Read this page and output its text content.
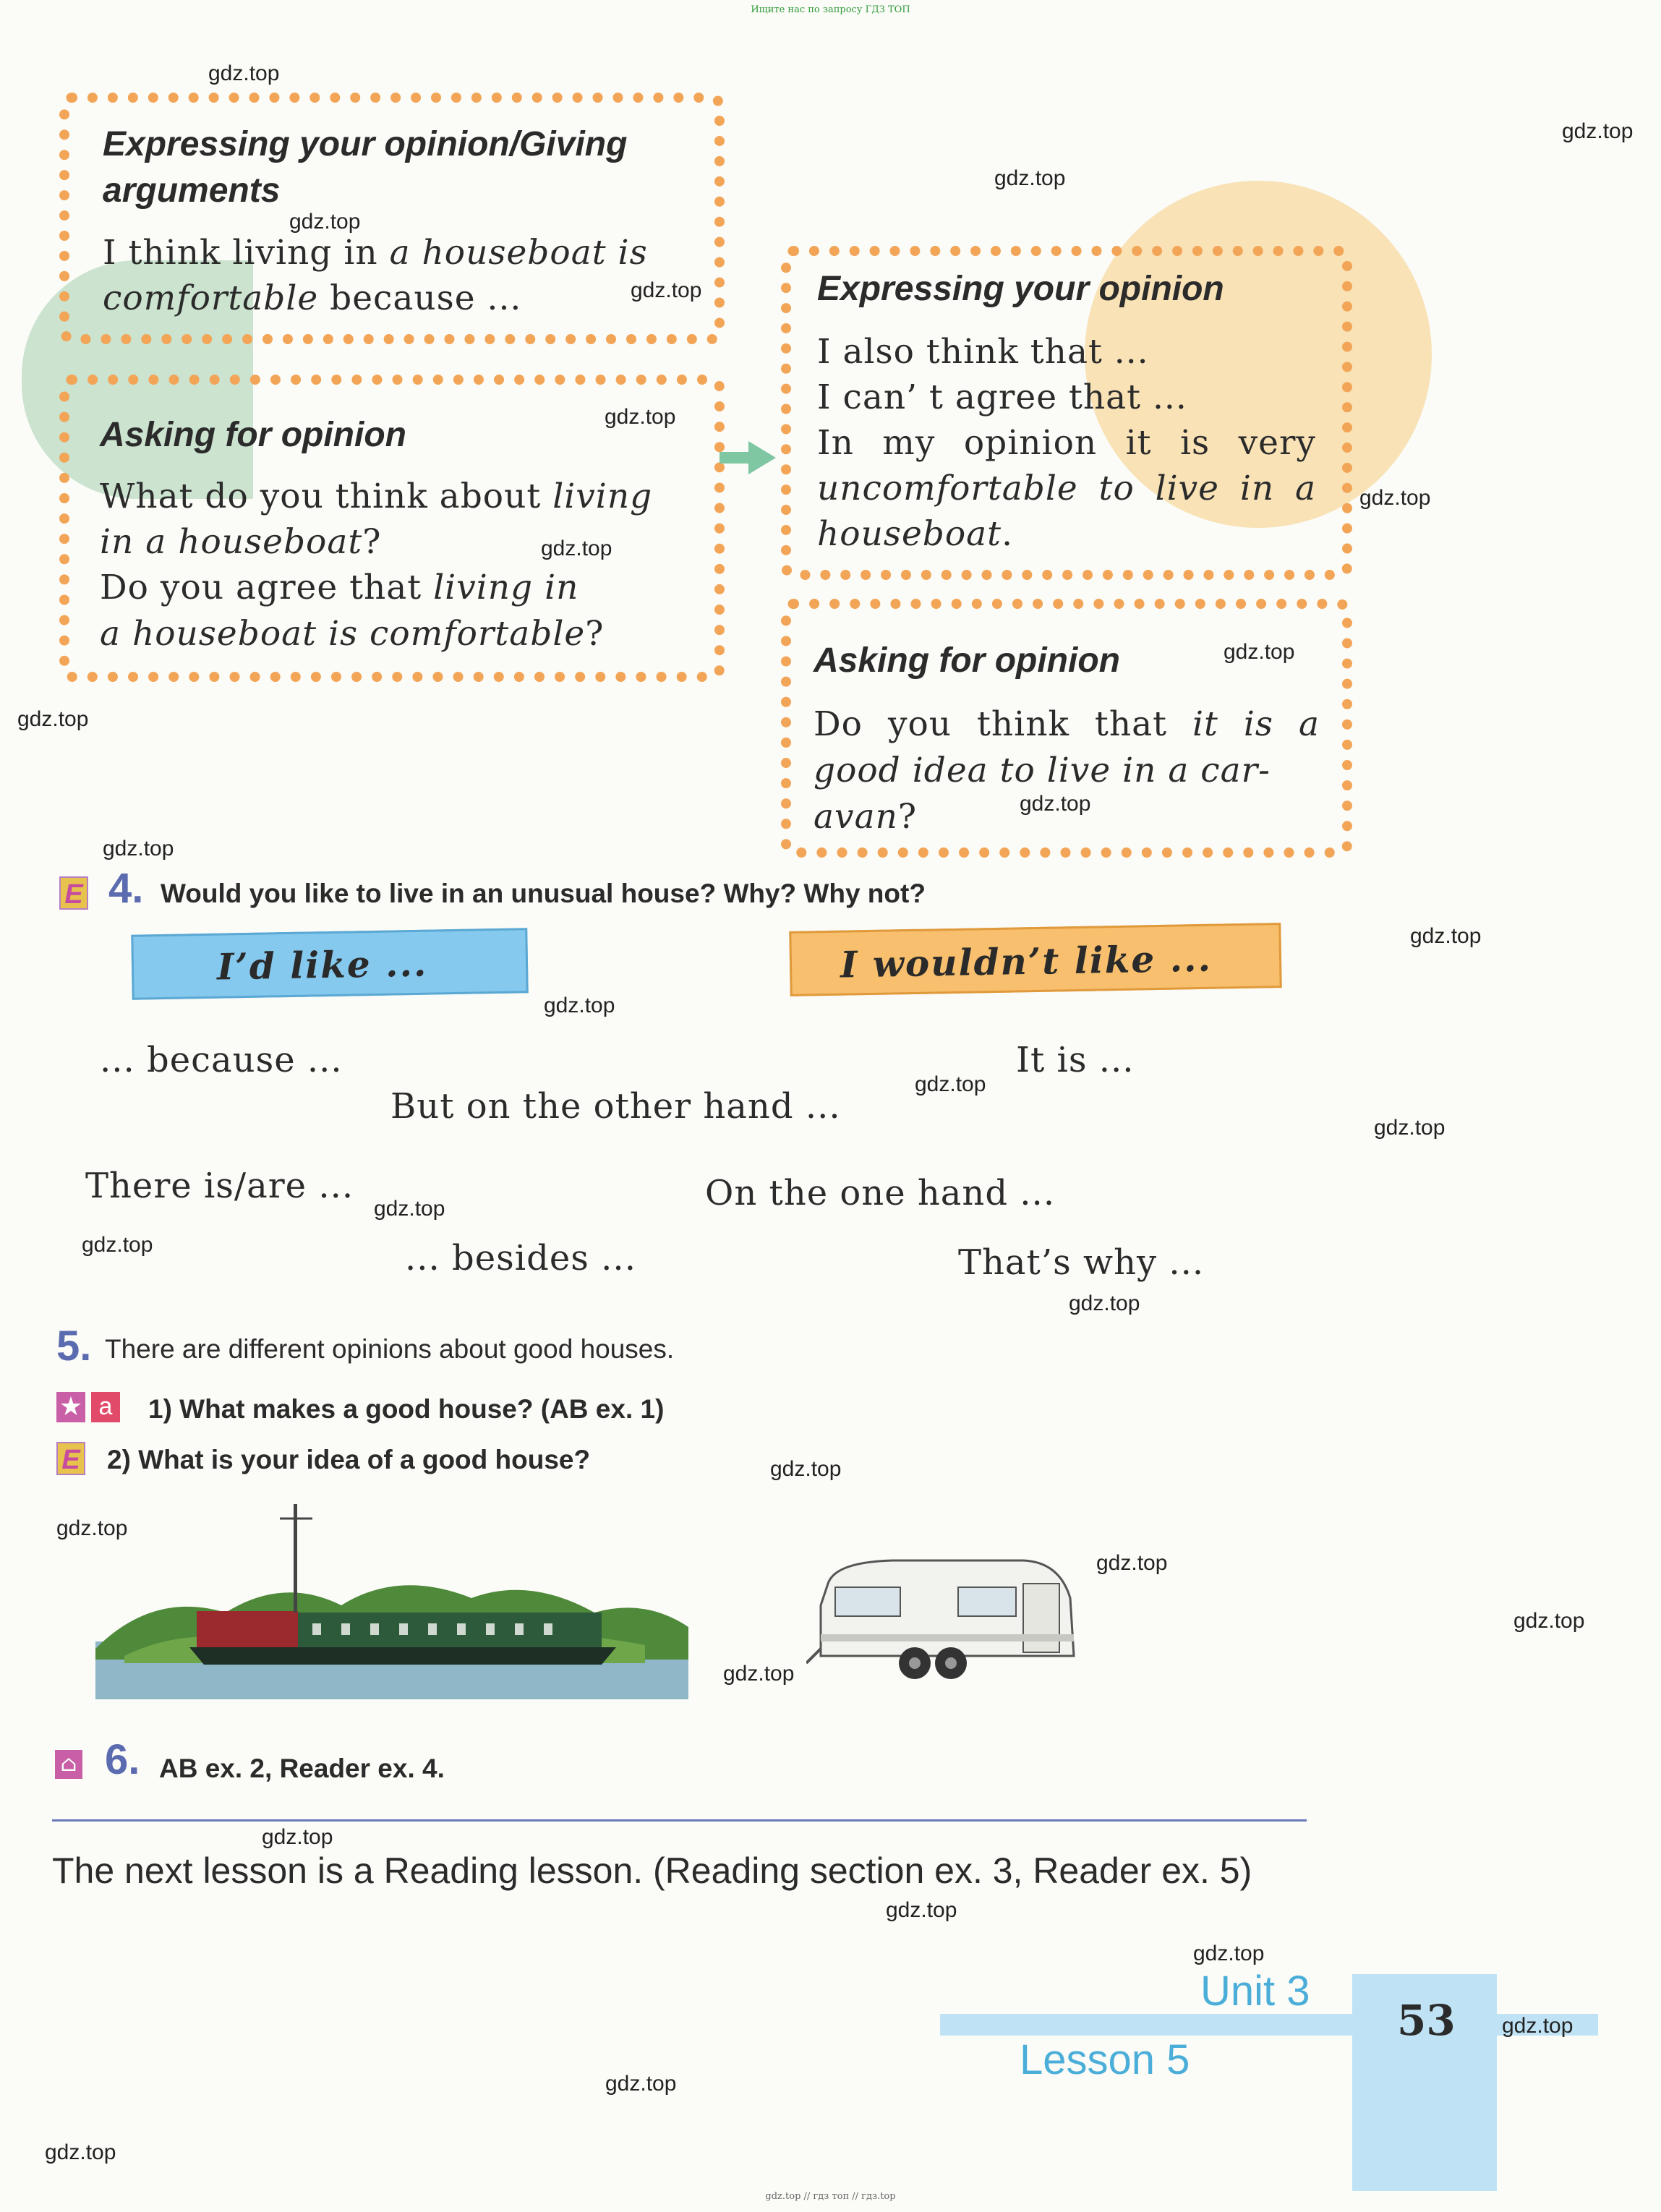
Ищите нас по запросу ГДЗ ТОП
gdz.top // гдз топ // гдз.top

Expressing your opinion/Giving arguments
I think living in a houseboat is
comfortable because ...
Asking for opinion
What do you think about living
in a houseboat?
Do you agree that living in
a houseboat is comfortable?
Expressing your opinion
I also think that ...
I can’ t agree that ...
In my opinion it is very
uncomfortable to live in a
houseboat.
Asking for opinion
Do you think that it is a
good idea to live in a car-
avan?
E 4. Would you like to live in an unusual house? Why? Why not?
I’d like ...	I wouldn’t like ...
... because ...	It is ...
But on the other hand ...
There is/are ...	On the one hand ...
... besides ...	That’s why ...
5. There are different opinions about good houses.
★ a 1) What makes a good house? (AB ex. 1)
E 2) What is your idea of a good house?
⌂ 6. AB ex. 2, Reader ex. 4.
The next lesson is a Reading lesson. (Reading section ex. 3, Reader ex. 5)
Unit 3
Lesson 5
53
gdz.top
gdz.top
gdz.top
gdz.top
gdz.top
gdz.top
gdz.top
gdz.top
gdz.top
gdz.top
gdz.top
gdz.top
gdz.top
gdz.top
gdz.top
gdz.top
gdz.top
gdz.top
gdz.top
gdz.top
gdz.top
gdz.top
gdz.top
gdz.top
gdz.top
gdz.top
gdz.top
gdz.top
gdz.top
gdz.top
